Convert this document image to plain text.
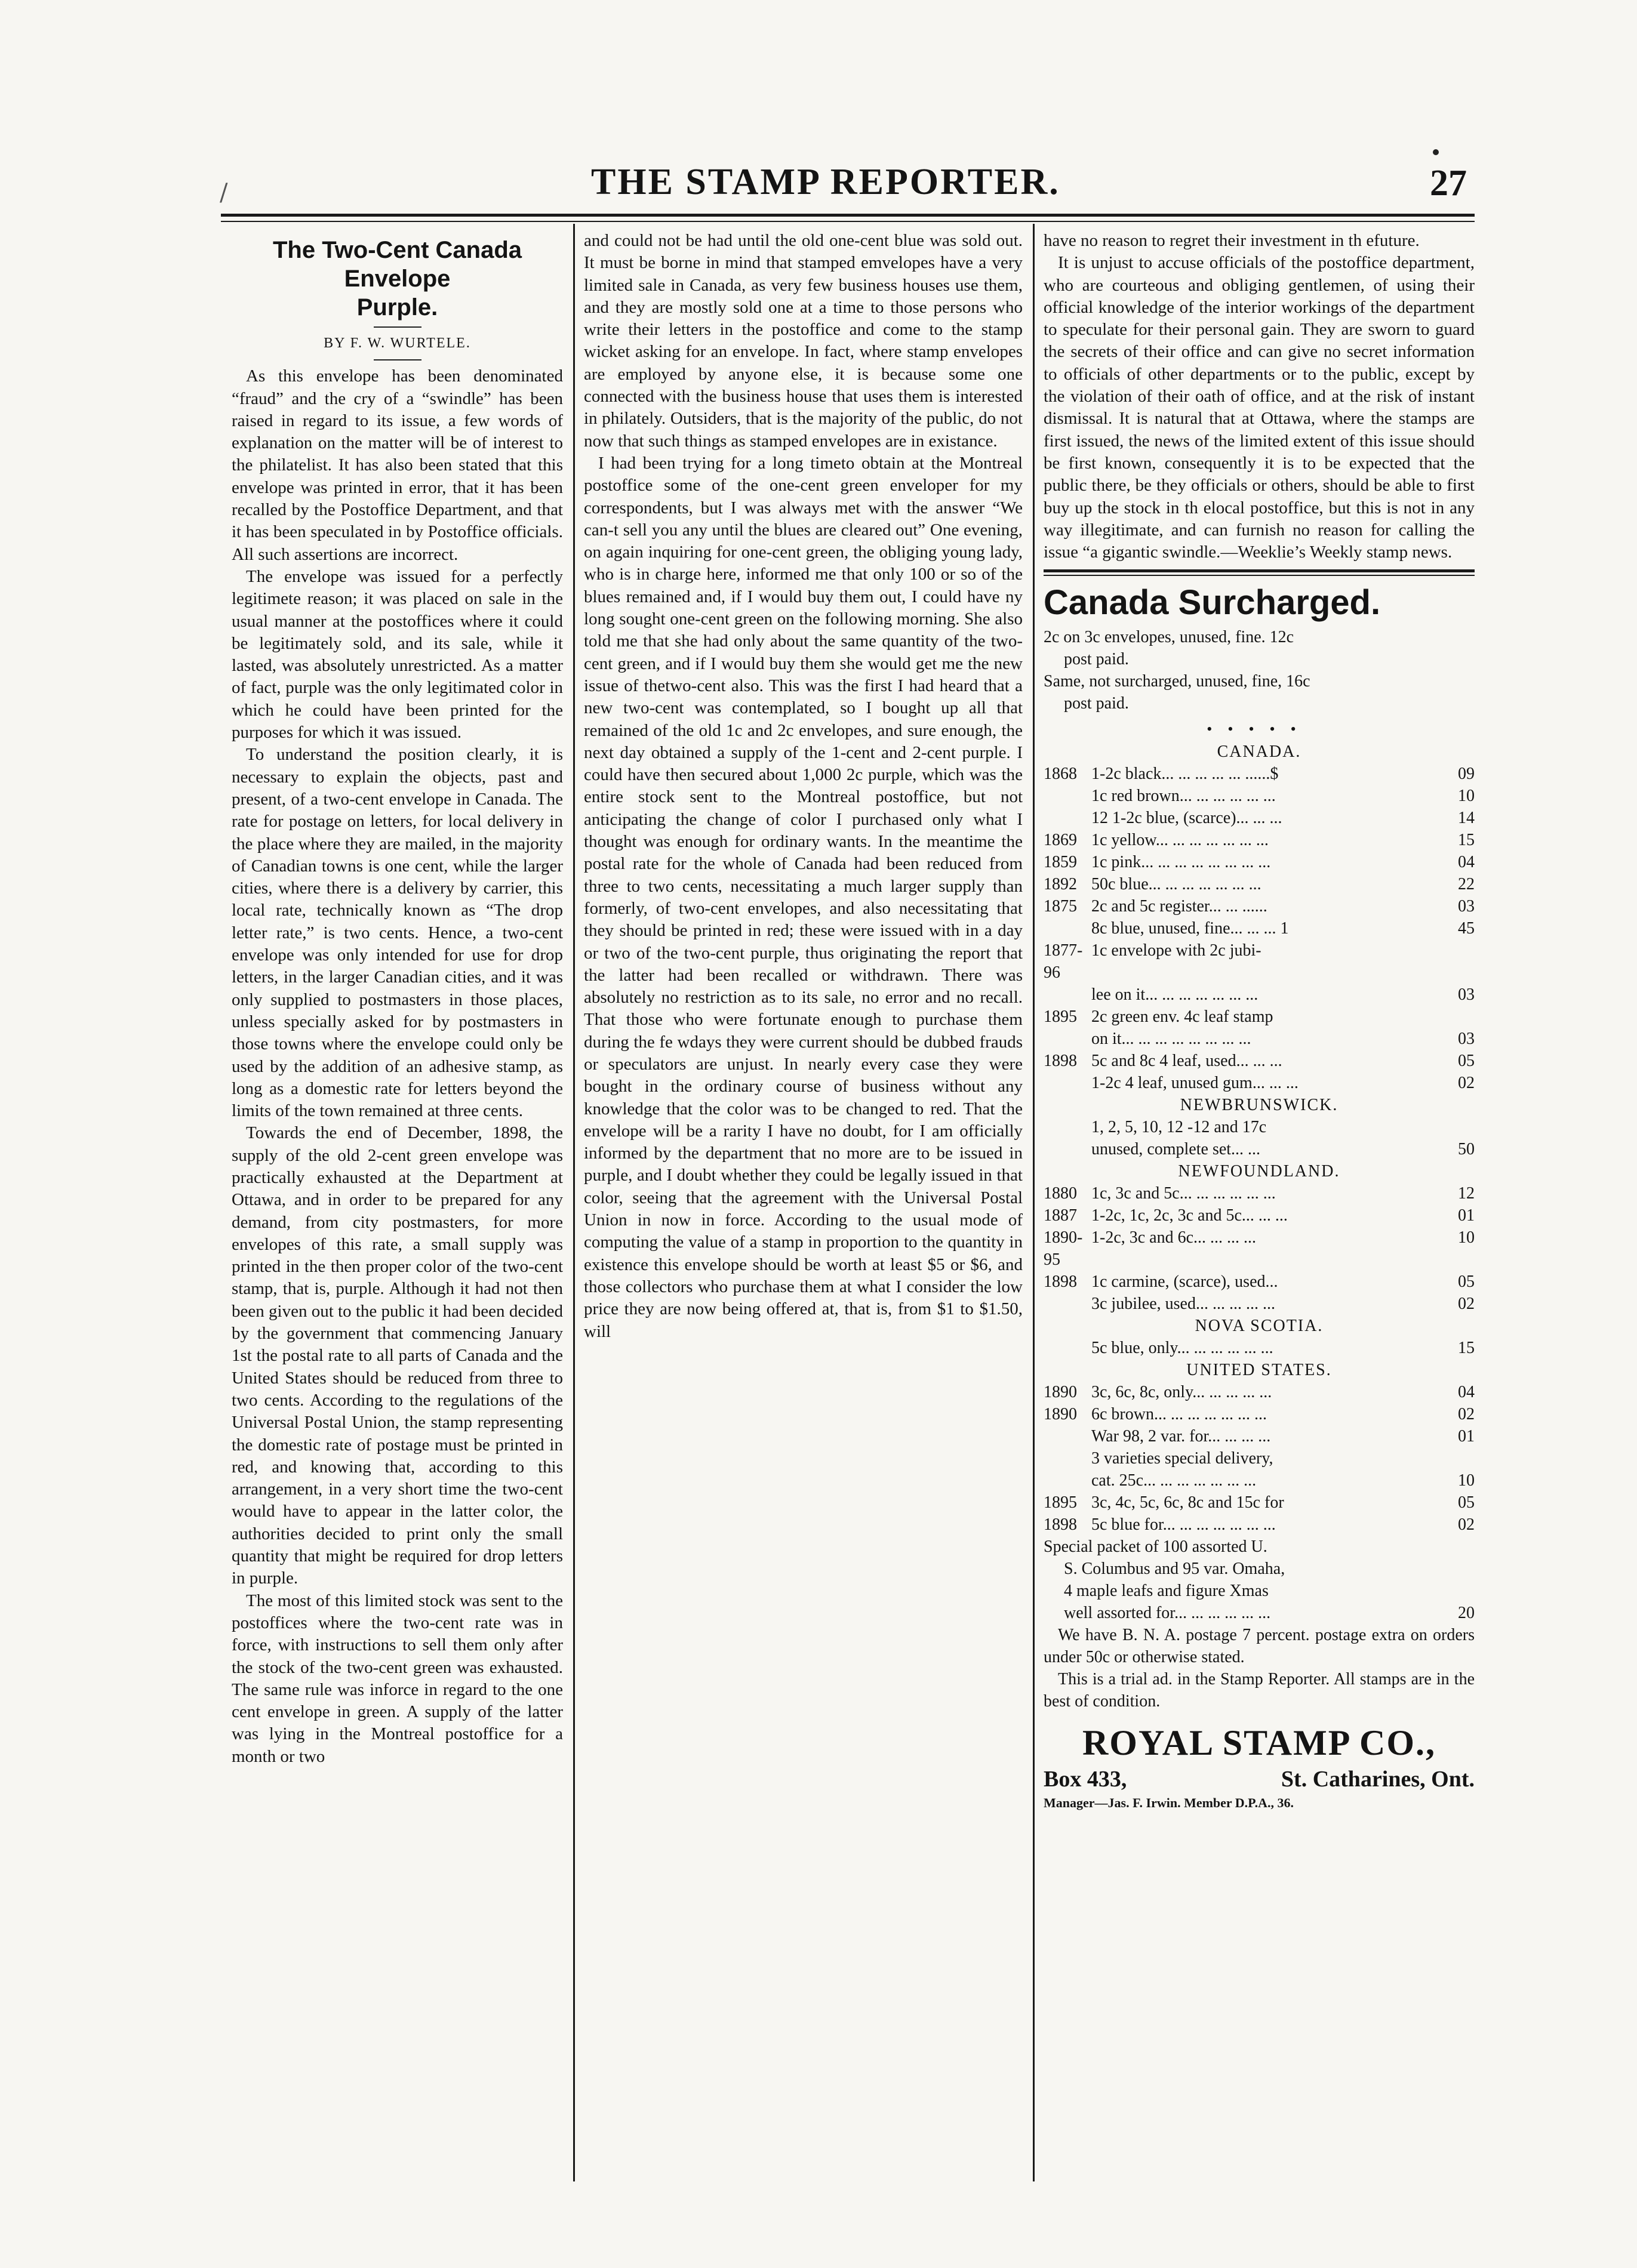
/	THE STAMP REPORTER.	27
The Two-Cent Canada Envelope
Purple.
BY F. W. WURTELE.

As this envelope has been denominated “fraud” and the cry of a “swindle” has been raised in regard to its issue, a few words of explanation on the matter will be of interest to the philatelist. It has also been stated that this envelope was printed in error, that it has been recalled by the Postoffice Department, and that it has been speculated in by Postoffice officials. All such assertions are incorrect.

The envelope was issued for a perfectly legitimete reason; it was placed on sale in the usual manner at the postoffices where it could be legitimately sold, and its sale, while it lasted, was absolutely unrestricted. As a matter of fact, purple was the only legitimated color in which he could have been printed for the purposes for which it was issued.

To understand the position clearly, it is necessary to explain the objects, past and present, of a two-cent envelope in Canada. The rate for postage on letters, for local delivery in the place where they are mailed, in the majority of Canadian towns is one cent, while the larger cities, where there is a delivery by carrier, this local rate, technically known as “The drop letter rate,” is two cents. Hence, a two-cent envelope was only intended for use for drop letters, in the larger Canadian cities, and it was only supplied to postmasters in those places, unless specially asked for by postmasters in those towns where the envelope could only be used by the addition of an adhesive stamp, as long as a domestic rate for letters beyond the limits of the town remained at three cents.

Towards the end of December, 1898, the supply of the old 2-cent green envelope was practically exhausted at the Department at Ottawa, and in order to be prepared for any demand, from city postmasters, for more envelopes of this rate, a small supply was printed in the then proper color of the two-cent stamp, that is, purple. Although it had not then been given out to the public it had been decided by the government that commencing January 1st the postal rate to all parts of Canada and the United States should be reduced from three to two cents. According to the regulations of the Universal Postal Union, the stamp representing the domestic rate of postage must be printed in red, and knowing that, according to this arrangement, in a very short time the two-cent would have to appear in the latter color, the authorities decided to print only the small quantity that might be required for drop letters in purple.

The most of this limited stock was sent to the postoffices where the two-cent rate was in force, with instructions to sell them only after the stock of the two-cent green was exhausted. The same rule was inforce in regard to the one cent envelope in green. A supply of the latter was lying in the Montreal postoffice for a month or two

and could not be had until the old one-cent blue was sold out. It must be borne in mind that stamped emvelopes have a very limited sale in Canada, as very few business houses use them, and they are mostly sold one at a time to those persons who write their letters in the postoffice and come to the stamp wicket asking for an envelope. In fact, where stamp envelopes are employed by anyone else, it is because some one connected with the business house that uses them is interested in philately. Outsiders, that is the majority of the public, do not now that such things as stamped envelopes are in existance.

I had been trying for a long timeto obtain at the Montreal postoffice some of the one-cent green enveloper for my correspondents, but I was always met with the answer “We can-t sell you any until the blues are cleared out” One evening, on again inquiring for one-cent green, the obliging young lady, who is in charge here, informed me that only 100 or so of the blues remained and, if I would buy them out, I could have ny long sought one-cent green on the following morning. She also told me that she had only about the same quantity of the two-cent green, and if I would buy them she would get me the new issue of thetwo-cent also. This was the first I had heard that a new two-cent was contemplated, so I bought up all that remained of the old 1c and 2c envelopes, and sure enough, the next day obtained a supply of the 1-cent and 2-cent purple. I could have then secured about 1,000 2c purple, which was the entire stock sent to the Montreal postoffice, but not anticipating the change of color I purchased only what I thought was enough for ordinary wants. In the meantime the postal rate for the whole of Canada had been reduced from three to two cents, necessitating a much larger supply than formerly, of two-cent envelopes, and also necessitating that they should be printed in red; these were issued with in a day or two of the two-cent purple, thus originating the report that the latter had been recalled or withdrawn. There was absolutely no restriction as to its sale, no error and no recall. That those who were fortunate enough to purchase them during the fe wdays they were current should be dubbed frauds or speculators are unjust. In nearly every case they were bought in the ordinary course of business without any knowledge that the color was to be changed to red. That the envelope will be a rarity I have no doubt, for I am officially informed by the department that no more are to be issued in purple, and I doubt whether they could be legally issued in that color, seeing that the agreement with the Universal Postal Union in now in force. According to the usual mode of computing the value of a stamp in proportion to the quantity in existence this envelope should be worth at least $5 or $6, and those collectors who purchase them at what I consider the low price they are now being offered at, that is, from $1 to $1.50, will

have no reason to regret their investment in th efuture.

It is unjust to accuse officials of the postoffice department, who are courteous and obliging gentlemen, of using their official knowledge of the interior workings of the department to speculate for their personal gain. They are sworn to guard the secrets of their office and can give no secret information to officials of other departments or to the public, except by the violation of their oath of office, and at the risk of instant dismissal. It is natural that at Ottawa, where the stamps are first issued, the news of the limited extent of this issue should be first known, consequently it is to be expected that the public there, be they officials or others, should be able to first buy up the stock in th elocal postoffice, but this is not in any way illegitimate, and can furnish no reason for calling the issue “a gigantic swindle.—Weeklie’s Weekly stamp news.

Canada Surcharged.
2c on 3c envelopes, unused, fine. 12c
post paid.
Same, not surcharged, unused, fine, 16c
post paid.
•••••
CANADA.
1868 1-2c black... ... ... ... ... ......$	09
1c red brown... ... ... ... ... ...	10
12 1-2c blue, (scarce)... ... ...	14
1869 1c yellow... ... ... ... ... ... ...	15
1859 1c pink... ... ... ... ... ... ... ...	04
1892 50c blue... ... ... ... ... ... ...	22
1875 2c and 5c register... ... ......	03
8c blue, unused, fine... ... ... 1	45
1877-96
1c envelope with 2c jubi-
lee on it... ... ... ... ... ... ...	03
1895 2c green env. 4c leaf stamp
on it... ... ... ... ... ... ... ...	03
1898 5c and 8c 4 leaf, used... ... ...	05
1-2c 4 leaf, unused gum... ... ...	02
NEWBRUNSWICK.
1, 2, 5, 10, 12 -12 and 17c
unused, complete set... ...	50
NEWFOUNDLAND.
1880 1c, 3c and 5c... ... ... ... ... ...	12
1887 1-2c, 1c, 2c, 3c and 5c... ... ...	01
1890-95
1-2c, 3c and 6c... ... ... ...	10
1898 1c carmine, (scarce), used...	05
3c jubilee, used... ... ... ... ...	02
NOVA SCOTIA.
5c blue, only... ... ... ... ... ...	15
UNITED STATES.
1890 3c, 6c, 8c, only... ... ... ... ...	04
1890 6c brown... ... ... ... ... ... ...	02
War 98, 2 var. for... ... ... ...	01
3 varieties special delivery,
cat. 25c... ... ... ... ... ... ...	10
1895 3c, 4c, 5c, 6c, 8c and 15c for	05
1898 5c blue for... ... ... ... ... ... ...	02
Special packet of 100 assorted U.
S. Columbus and 95 var. Omaha,
4 maple leafs and figure Xmas
well assorted for... ... ... ... ... ...	20
We have B. N. A. postage 7 percent. postage extra on orders under 50c or otherwise stated.
This is a trial ad. in the Stamp Reporter. All stamps are in the best of condition.
ROYAL STAMP CO.,
Box 433,	St. Catharines, Ont.
Manager—Jas. F. Irwin. Member D.P.A., 36.
